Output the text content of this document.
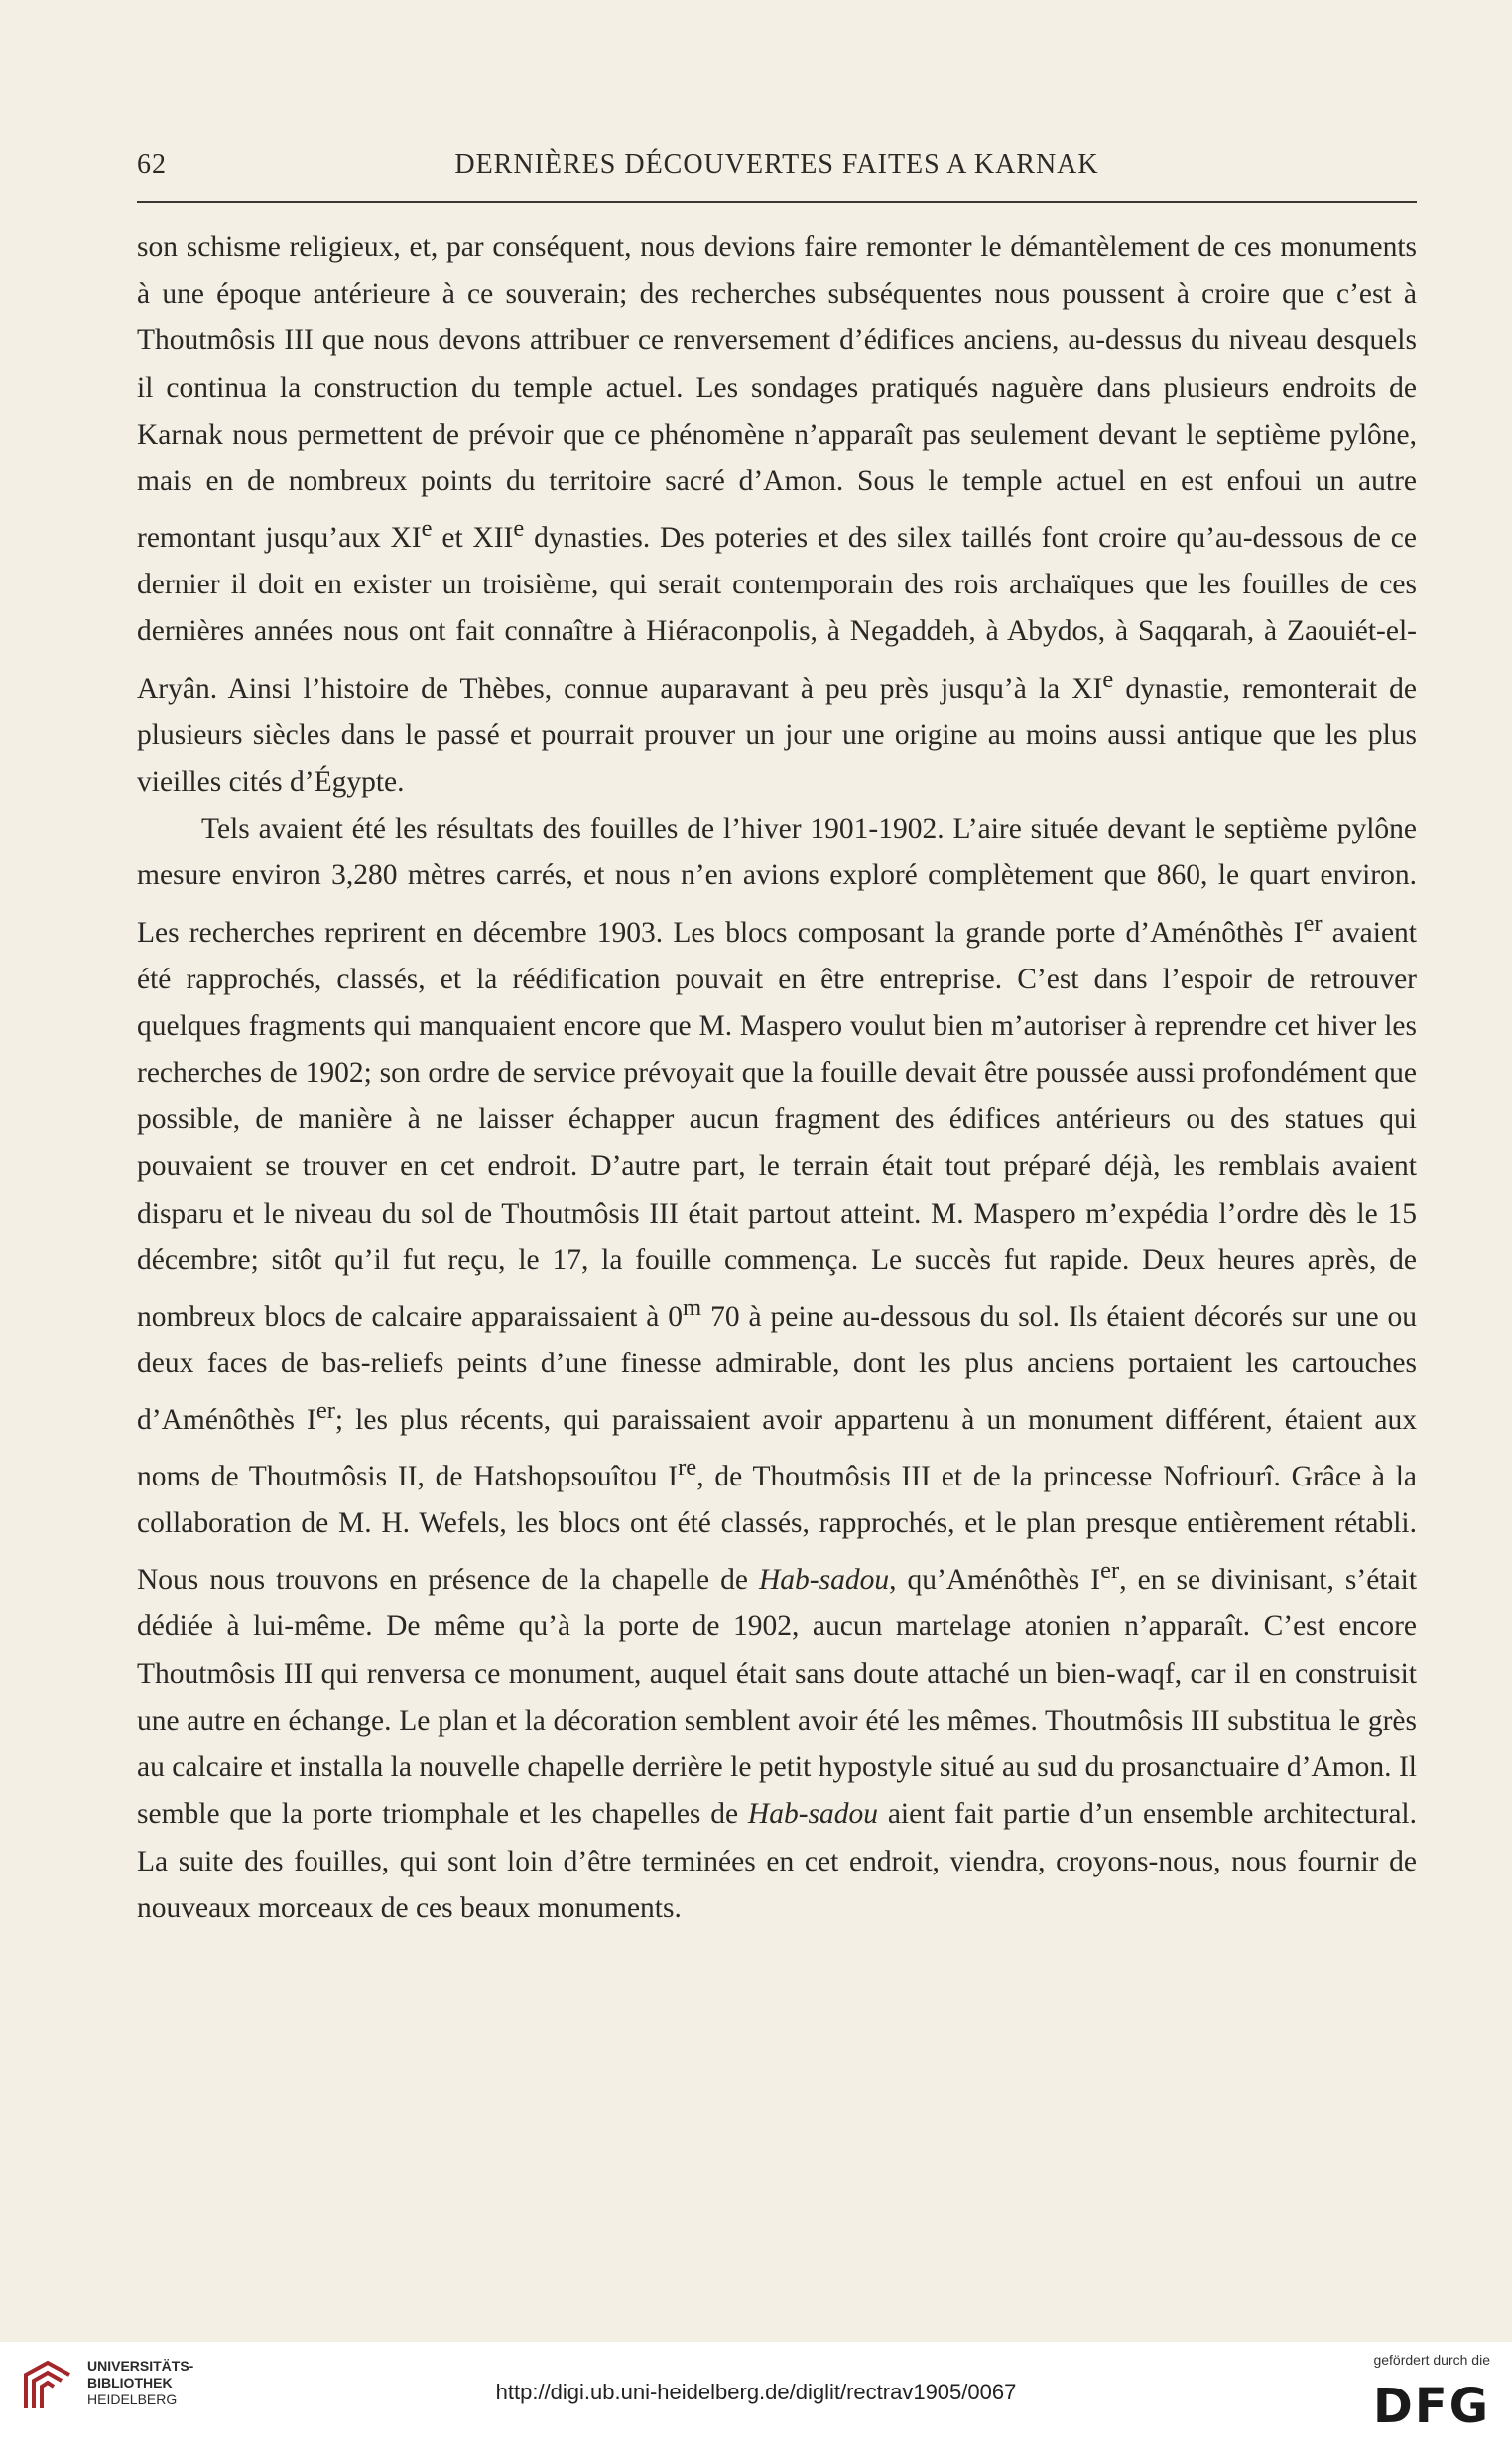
62	DERNIÈRES DÉCOUVERTES FAITES A KARNAK

son schisme religieux, et, par conséquent, nous devions faire remonter le démantèlement de ces monuments à une époque antérieure à ce souverain; des recherches subséquentes nous poussent à croire que c’est à Thoutmôsis III que nous devons attribuer ce renversement d’édifices anciens, au-dessus du niveau desquels il continua la construction du temple actuel. Les sondages pratiqués naguère dans plusieurs endroits de Karnak nous permettent de prévoir que ce phénomène n’apparaît pas seulement devant le septième pylône, mais en de nombreux points du territoire sacré d’Amon. Sous le temple actuel en est enfoui un autre remontant jusqu’aux XIe et XIIe dynasties. Des poteries et des silex taillés font croire qu’au-dessous de ce dernier il doit en exister un troisième, qui serait contemporain des rois archaïques que les fouilles de ces dernières années nous ont fait connaître à Hiéraconpolis, à Negaddeh, à Abydos, à Saqqarah, à Zaouiét-el-Aryân. Ainsi l’histoire de Thèbes, connue auparavant à peu près jusqu’à la XIe dynastie, remonterait de plusieurs siècles dans le passé et pourrait prouver un jour une origine au moins aussi antique que les plus vieilles cités d’Égypte.

Tels avaient été les résultats des fouilles de l’hiver 1901-1902. L’aire située devant le septième pylône mesure environ 3,280 mètres carrés, et nous n’en avions exploré complètement que 860, le quart environ. Les recherches reprirent en décembre 1903. Les blocs composant la grande porte d’Aménôthès Ier avaient été rapprochés, classés, et la réédification pouvait en être entreprise. C’est dans l’espoir de retrouver quelques fragments qui manquaient encore que M. Maspero voulut bien m’autoriser à reprendre cet hiver les recherches de 1902; son ordre de service prévoyait que la fouille devait être poussée aussi profondément que possible, de manière à ne laisser échapper aucun fragment des édifices antérieurs ou des statues qui pouvaient se trouver en cet endroit. D’autre part, le terrain était tout préparé déjà, les remblais avaient disparu et le niveau du sol de Thoutmôsis III était partout atteint. M. Maspero m’expédia l’ordre dès le 15 décembre; sitôt qu’il fut reçu, le 17, la fouille commença. Le succès fut rapide. Deux heures après, de nombreux blocs de calcaire apparaissaient à 0$^m$ 70 à peine au-dessous du sol. Ils étaient décorés sur une ou deux faces de bas-reliefs peints d’une finesse admirable, dont les plus anciens portaient les cartouches d’Aménôthès Ier; les plus récents, qui paraissaient avoir appartenu à un monument différent, étaient aux noms de Thoutmôsis II, de Hatshopsouîtou Ire, de Thoutmôsis III et de la princesse Nofriourî. Grâce à la collaboration de M. H. Wefels, les blocs ont été classés, rapprochés, et le plan presque entièrement rétabli. Nous nous trouvons en présence de la chapelle de Hab-sadou, qu’Aménôthès Ier, en se divinisant, s’était dédiée à lui-même. De même qu’à la porte de 1902, aucun martelage atonien n’apparaît. C’est encore Thoutmôsis III qui renversa ce monument, auquel était sans doute attaché un bien-waqf, car il en construisit une autre en échange. Le plan et la décoration semblent avoir été les mêmes. Thoutmôsis III substitua le grès au calcaire et installa la nouvelle chapelle derrière le petit hypostyle situé au sud du prosanctuaire d’Amon. Il semble que la porte triomphale et les chapelles de Hab-sadou aient fait partie d’un ensemble architectural. La suite des fouilles, qui sont loin d’être terminées en cet endroit, viendra, croyons-nous, nous fournir de nouveaux morceaux de ces beaux monuments.

UNIVERSITÄTS-
BIBLIOTHEK
HEIDELBERG	http://digi.ub.uni-heidelberg.de/diglit/rectrav1905/0067
gefördert durch die
DFG
